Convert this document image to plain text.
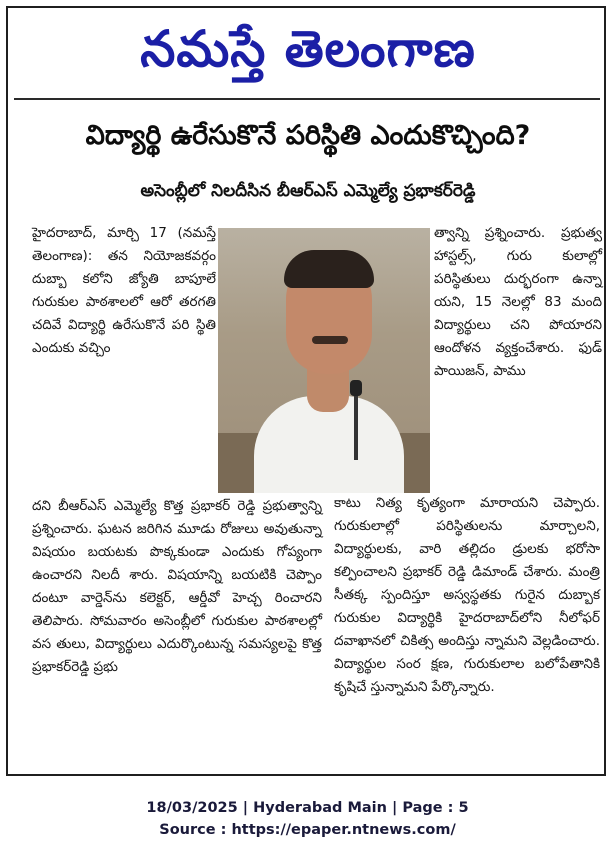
నమస్తే తెలంగాణ
విద్యార్థి ఉరేసుకొనే పరిస్థితి ఎందుకొచ్చింది?
అసెంబ్లీలో నిలదీసిన బీఆర్ఎస్ ఎమ్మెల్యే ప్రభాకర్‌రెడ్డి

హైదరాబాద్, మార్చి 17 (నమస్తే తెలంగాణ): తన నియోజకవర్గం దుబ్బా కలోని జ్యోతి బాపూలే గురుకుల పాఠశాలలో ఆరో తరగతి చదివే విద్యార్థి ఉరేసుకొనే పరి స్థితి ఎందుకు వచ్చిం

త్వాన్ని ప్రశ్నించారు. ప్రభుత్వ హాస్టల్స్, గురు కులాల్లో పరిస్థితులు దుర్భరంగా ఉన్నా యని, 15 నెలల్లో 83 మంది విద్యార్థులు చని పోయారని ఆందోళన వ్యక్తంచేశారు. ఫుడ్ పాయిజన్, పాము

దని బీఆర్ఎస్ ఎమ్మెల్యే కొత్త ప్రభాకర్ రెడ్డి ప్రభుత్వాన్ని ప్రశ్నించారు. ఘటన జరిగిన మూడు రోజులు అవుతున్నా విషయం బయటకు పొక్కకుండా ఎందుకు గోప్యంగా ఉంచారని నిలదీ శారు. విషయాన్ని బయటికి చెప్పొం దంటూ వార్డెన్‌ను కలెక్టర్, ఆర్డీవో హెచ్చ రించారని తెలిపారు. సోమవారం అసెంబ్లీలో గురుకుల పాఠశాలల్లో వస తులు, విద్యార్థులు ఎదుర్కొంటున్న సమస్యలపై కొత్త ప్రభాకర్‌రెడ్డి ప్రభు

కాటు నిత్య కృత్యంగా మారాయని చెప్పారు. గురుకులాల్లో పరిస్థితులను మార్చాలని, విద్యార్థులకు, వారి తల్లిదం డ్రులకు భరోసా కల్పించాలని ప్రభాకర్ రెడ్డి డిమాండ్ చేశారు. మంత్రి సీతక్క స్పందిస్తూ అస్వస్థతకు గురైన దుబ్బాక గురుకుల విద్యార్థికి హైదరాబాద్‌లోని నీలోఫర్ దవాఖానలో చికిత్స అందిస్తు న్నామని వెల్లడించారు. విద్యార్థుల సంర క్షణ, గురుకులాల బలోపేతానికి కృషిచే స్తున్నామని పేర్కొన్నారు.

18/03/2025 | Hyderabad Main | Page : 5
Source : https://epaper.ntnews.com/
